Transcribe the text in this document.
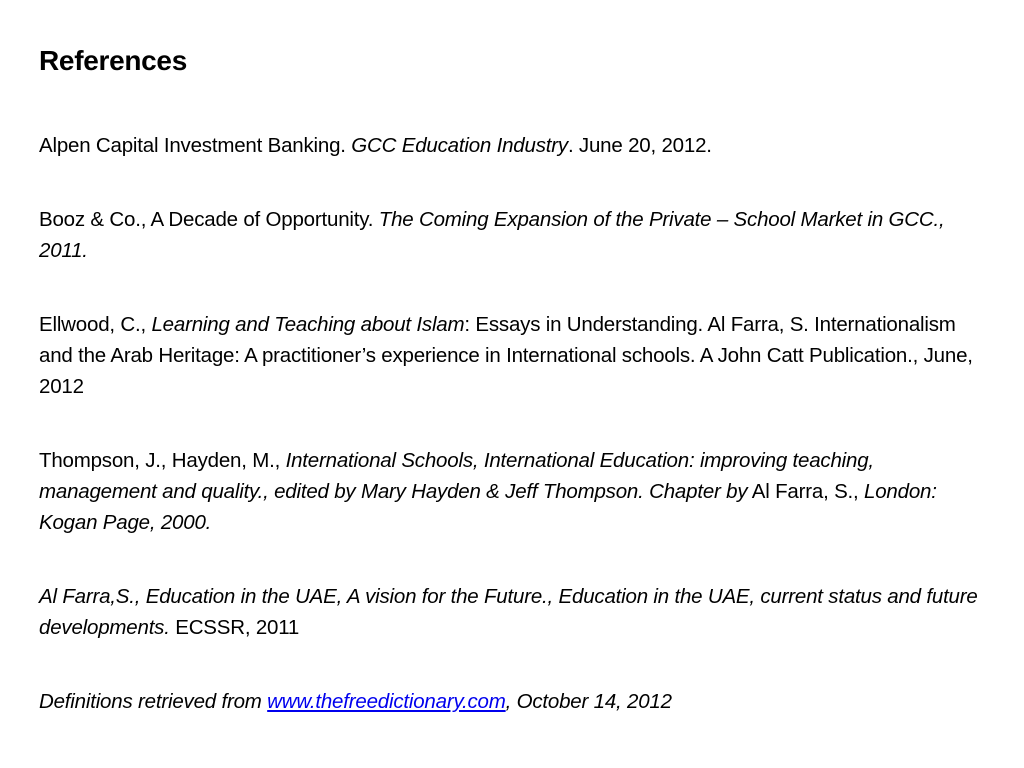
References

Alpen Capital Investment Banking. GCC Education Industry. June 20, 2012.

Booz & Co., A Decade of Opportunity. The Coming Expansion of the Private – School Market in GCC., 2011.

Ellwood, C., Learning and Teaching about Islam: Essays in Understanding. Al Farra, S. Internationalism and the Arab Heritage: A practitioner’s experience in International schools. A John Catt Publication., June, 2012

Thompson, J., Hayden, M., International Schools, International Education: improving teaching, management and quality., edited by Mary Hayden & Jeff Thompson. Chapter by Al Farra, S., London: Kogan Page, 2000.

Al Farra,S., Education in the UAE, A vision for the Future., Education in the UAE, current status and future developments. ECSSR, 2011

Definitions retrieved from www.thefreedictionary.com, October 14, 2012
